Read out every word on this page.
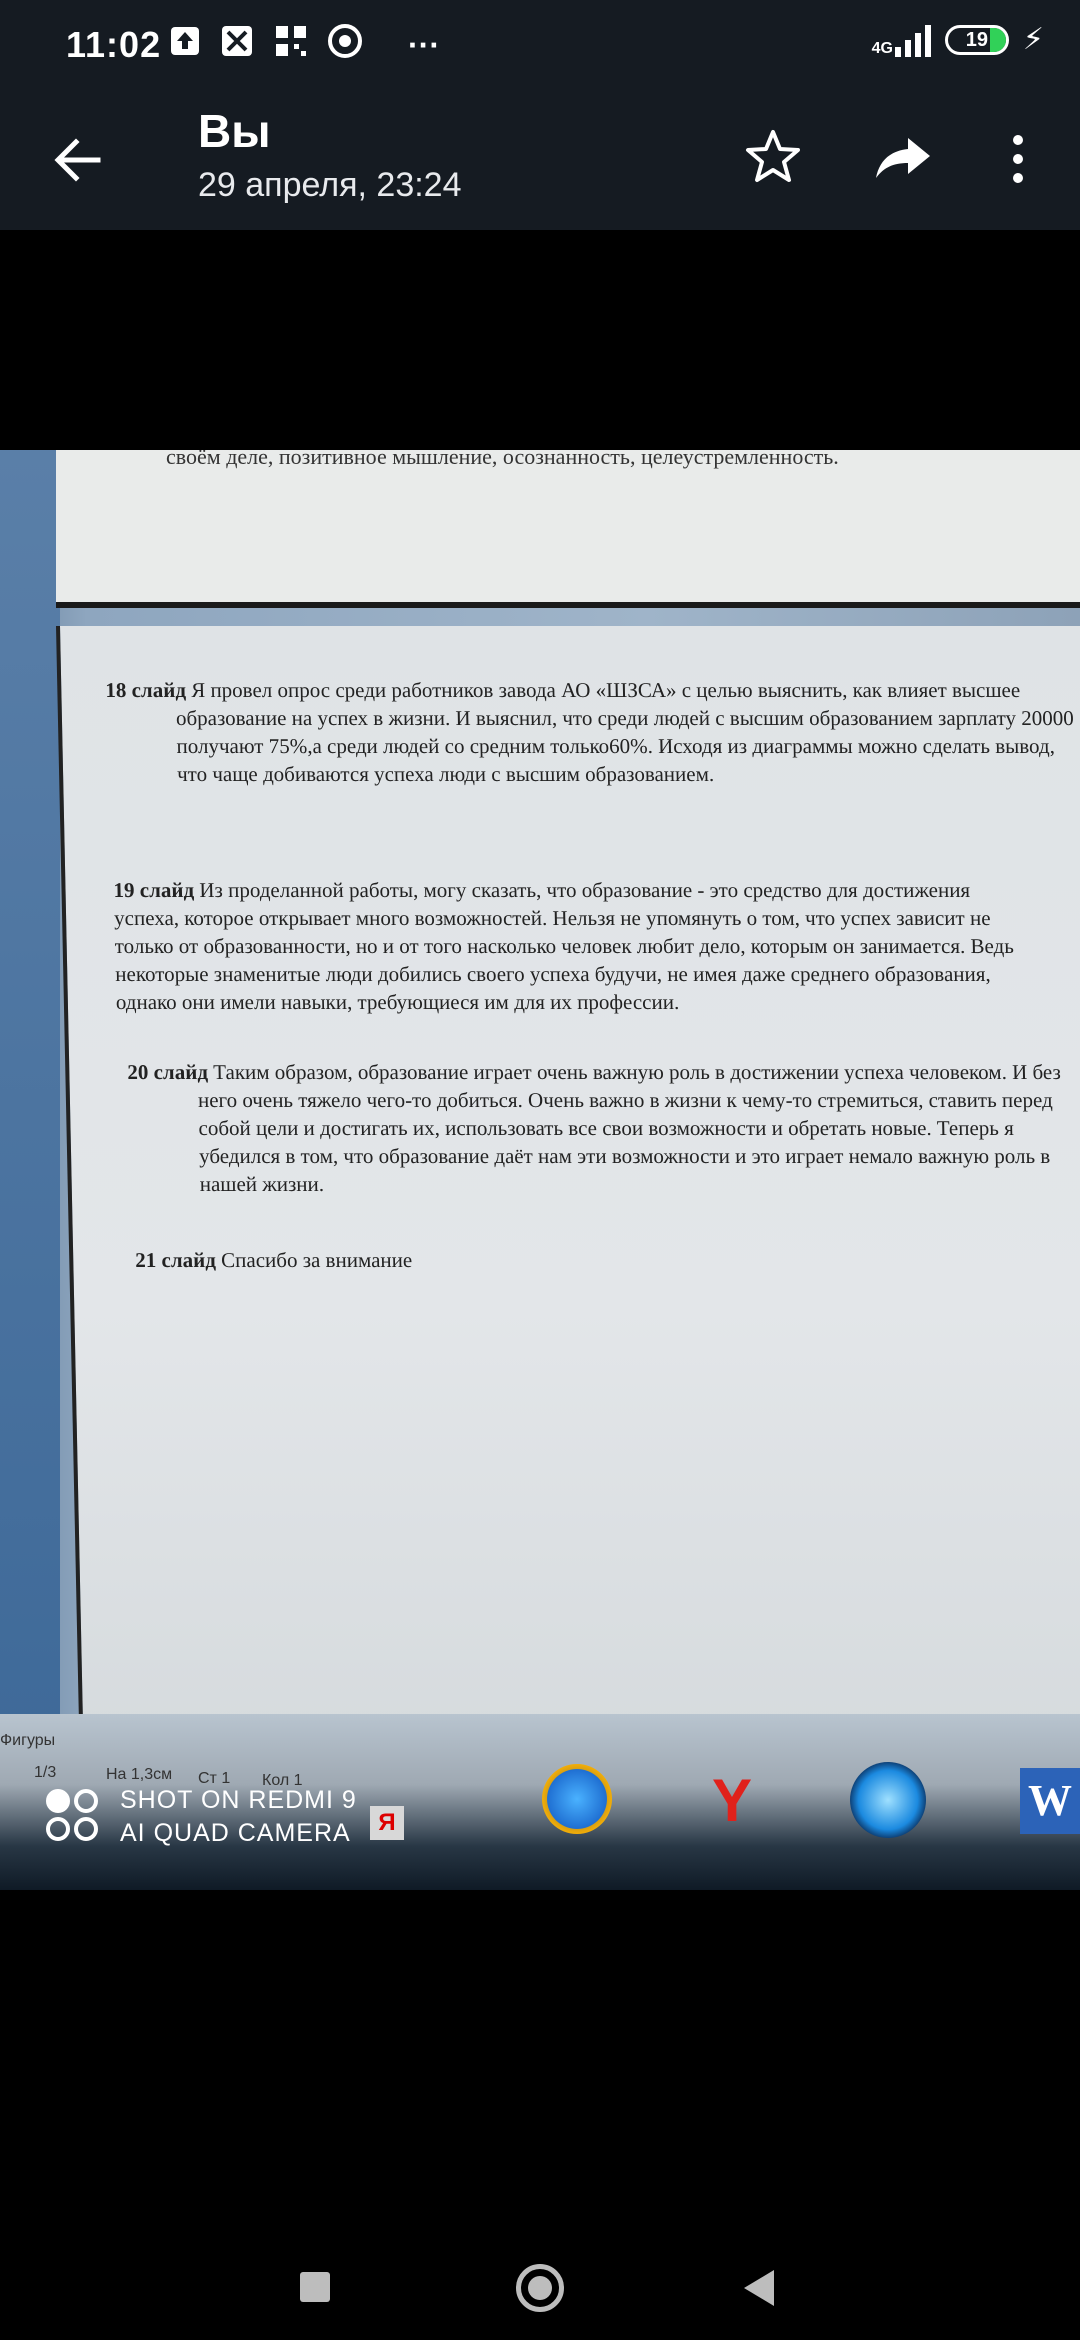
11:02	···	4G	19	⚡
Вы
29 апреля, 23:24
своём деле, позитивное мышление, осознанность, целеустремленность.
18 слайд Я провел опрос среди работников завода АО «ШЗСА» с целью выяснить, как влияет высшее образование на успех в жизни. И выяснил, что среди людей с высшим образованием зарплату 20000 получают 75%,а среди людей со средним только60%. Исходя из диаграммы можно сделать вывод, что чаще добиваются успеха люди с высшим образованием.
19 слайд Из проделанной работы, могу сказать, что образование - это средство для достижения успеха, которое открывает много возможностей. Нельзя не упомянуть о том, что успех зависит не только от образованности, но и от того насколько человек любит дело, которым он занимается. Ведь некоторые знаменитые люди добились своего успеха будучи, не имея даже среднего образования, однако они имели навыки, требующиеся им для их профессии.
20 слайд Таким образом, образование играет очень важную роль в достижении успеха человеком. И без него очень тяжело чего-то добиться. Очень важно в жизни к чему-то стремиться, ставить перед собой цели и достигать их, использовать все свои возможности и обретать новые. Теперь я убедился в том, что образование даёт нам эти возможности и это играет немало важную роль в нашей жизни.
21 слайд Спасибо за внимание
Фигуры
1/3	На 1,3см Ст 1 Кол 1
Я	Y	W
SHOT ON REDMI 9
AI QUAD CAMERA
